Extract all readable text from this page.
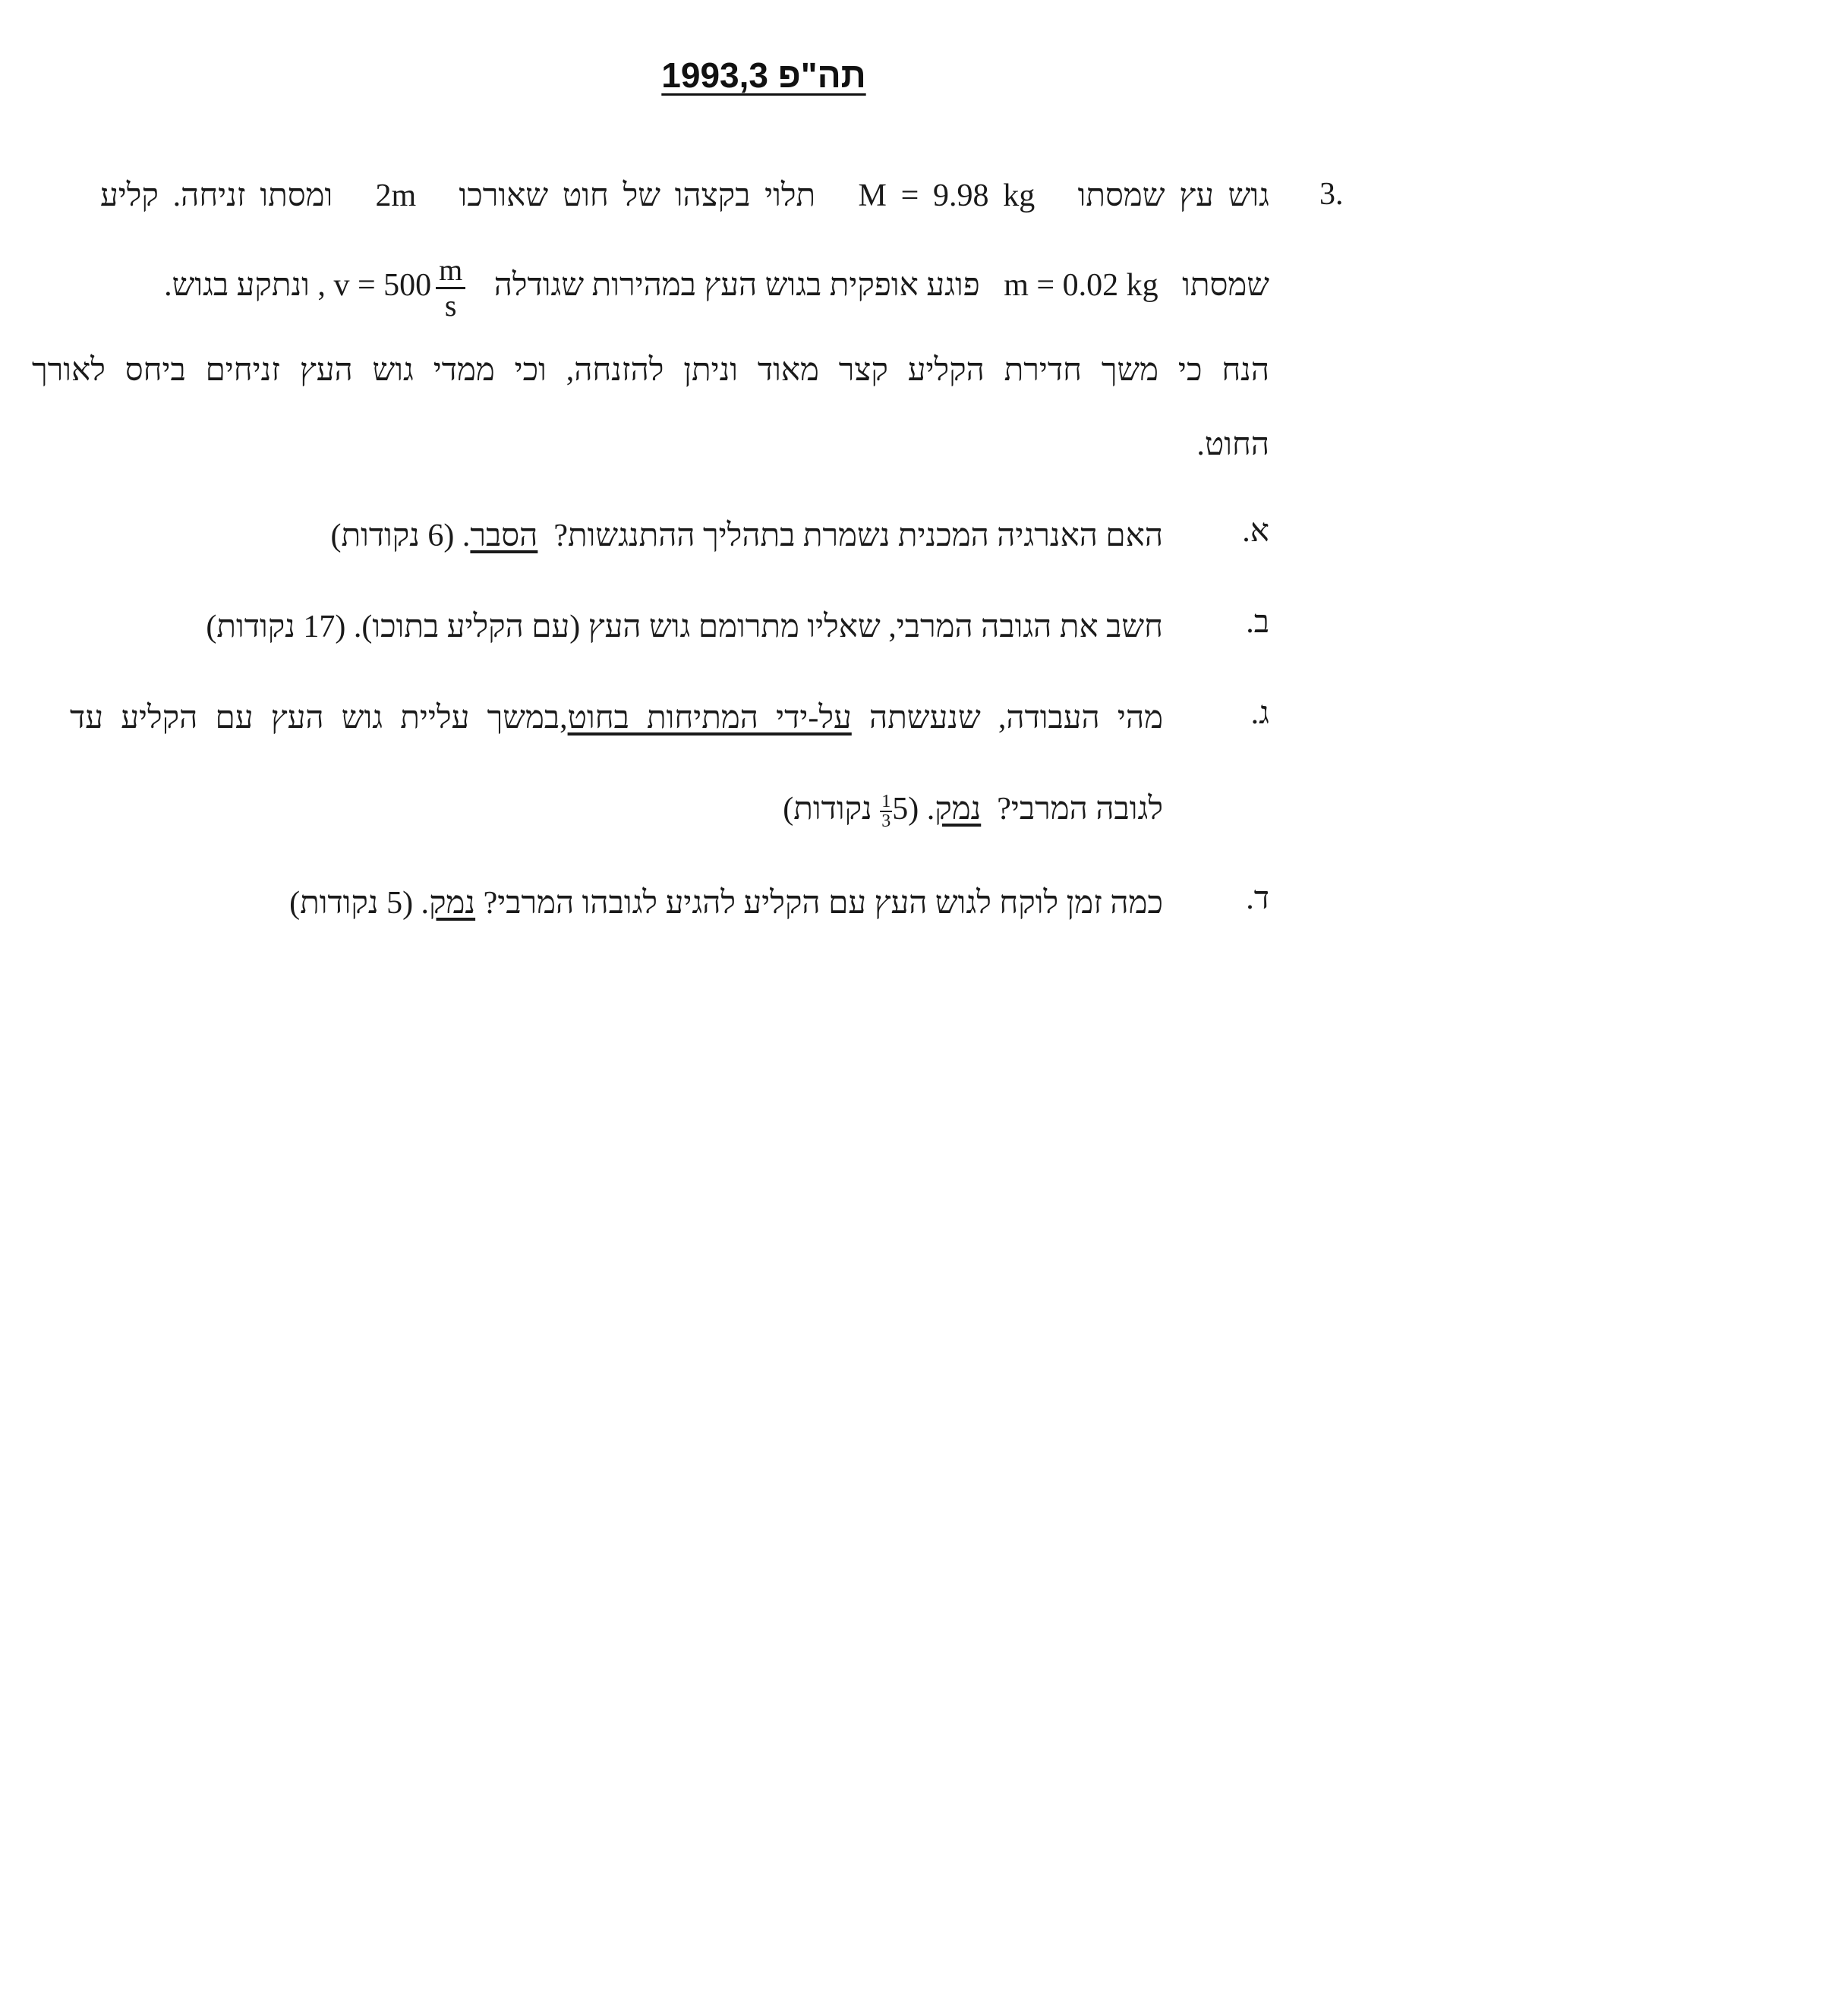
תה"פ 1993,3
.3
גוש עץ שמסתו   M = 9.98 kg   תלוי בקצהו של חוט שאורכו   2m   ומסתו זניחה. קליע
שמסתו   m = 0.02 kg   פוגע אופקית בגוש העץ במהירות שגודלה   $v = 500 \frac{m}{s}$
, ונתקע בגוש.
הנח כי משך חדירת הקליע קצר מאוד וניתן להזנחה, וכי ממדי גוש העץ זניחים ביחס לאורך
החוט.
א.
האם האנרגיה המכנית נשמרת בתהליך ההתנגשות?  הסבר. (6 נקודות)
ב.
חשב את הגובה המרבי, שאליו מתרומם גוש העץ (עם הקליע בתוכו). (17 נקודות)
ג.
מהי העבודה, שנעשתה על-ידי המתיחות בחוט,במשך עליית גוש העץ עם הקליע עד
לגובה המרבי?  נמק. (5
$\frac{1}{3}$
נקודות)
ד.
כמה זמן לוקח לגוש העץ עם הקליע להגיע לגובהו המרבי? נמק. (5 נקודות)
